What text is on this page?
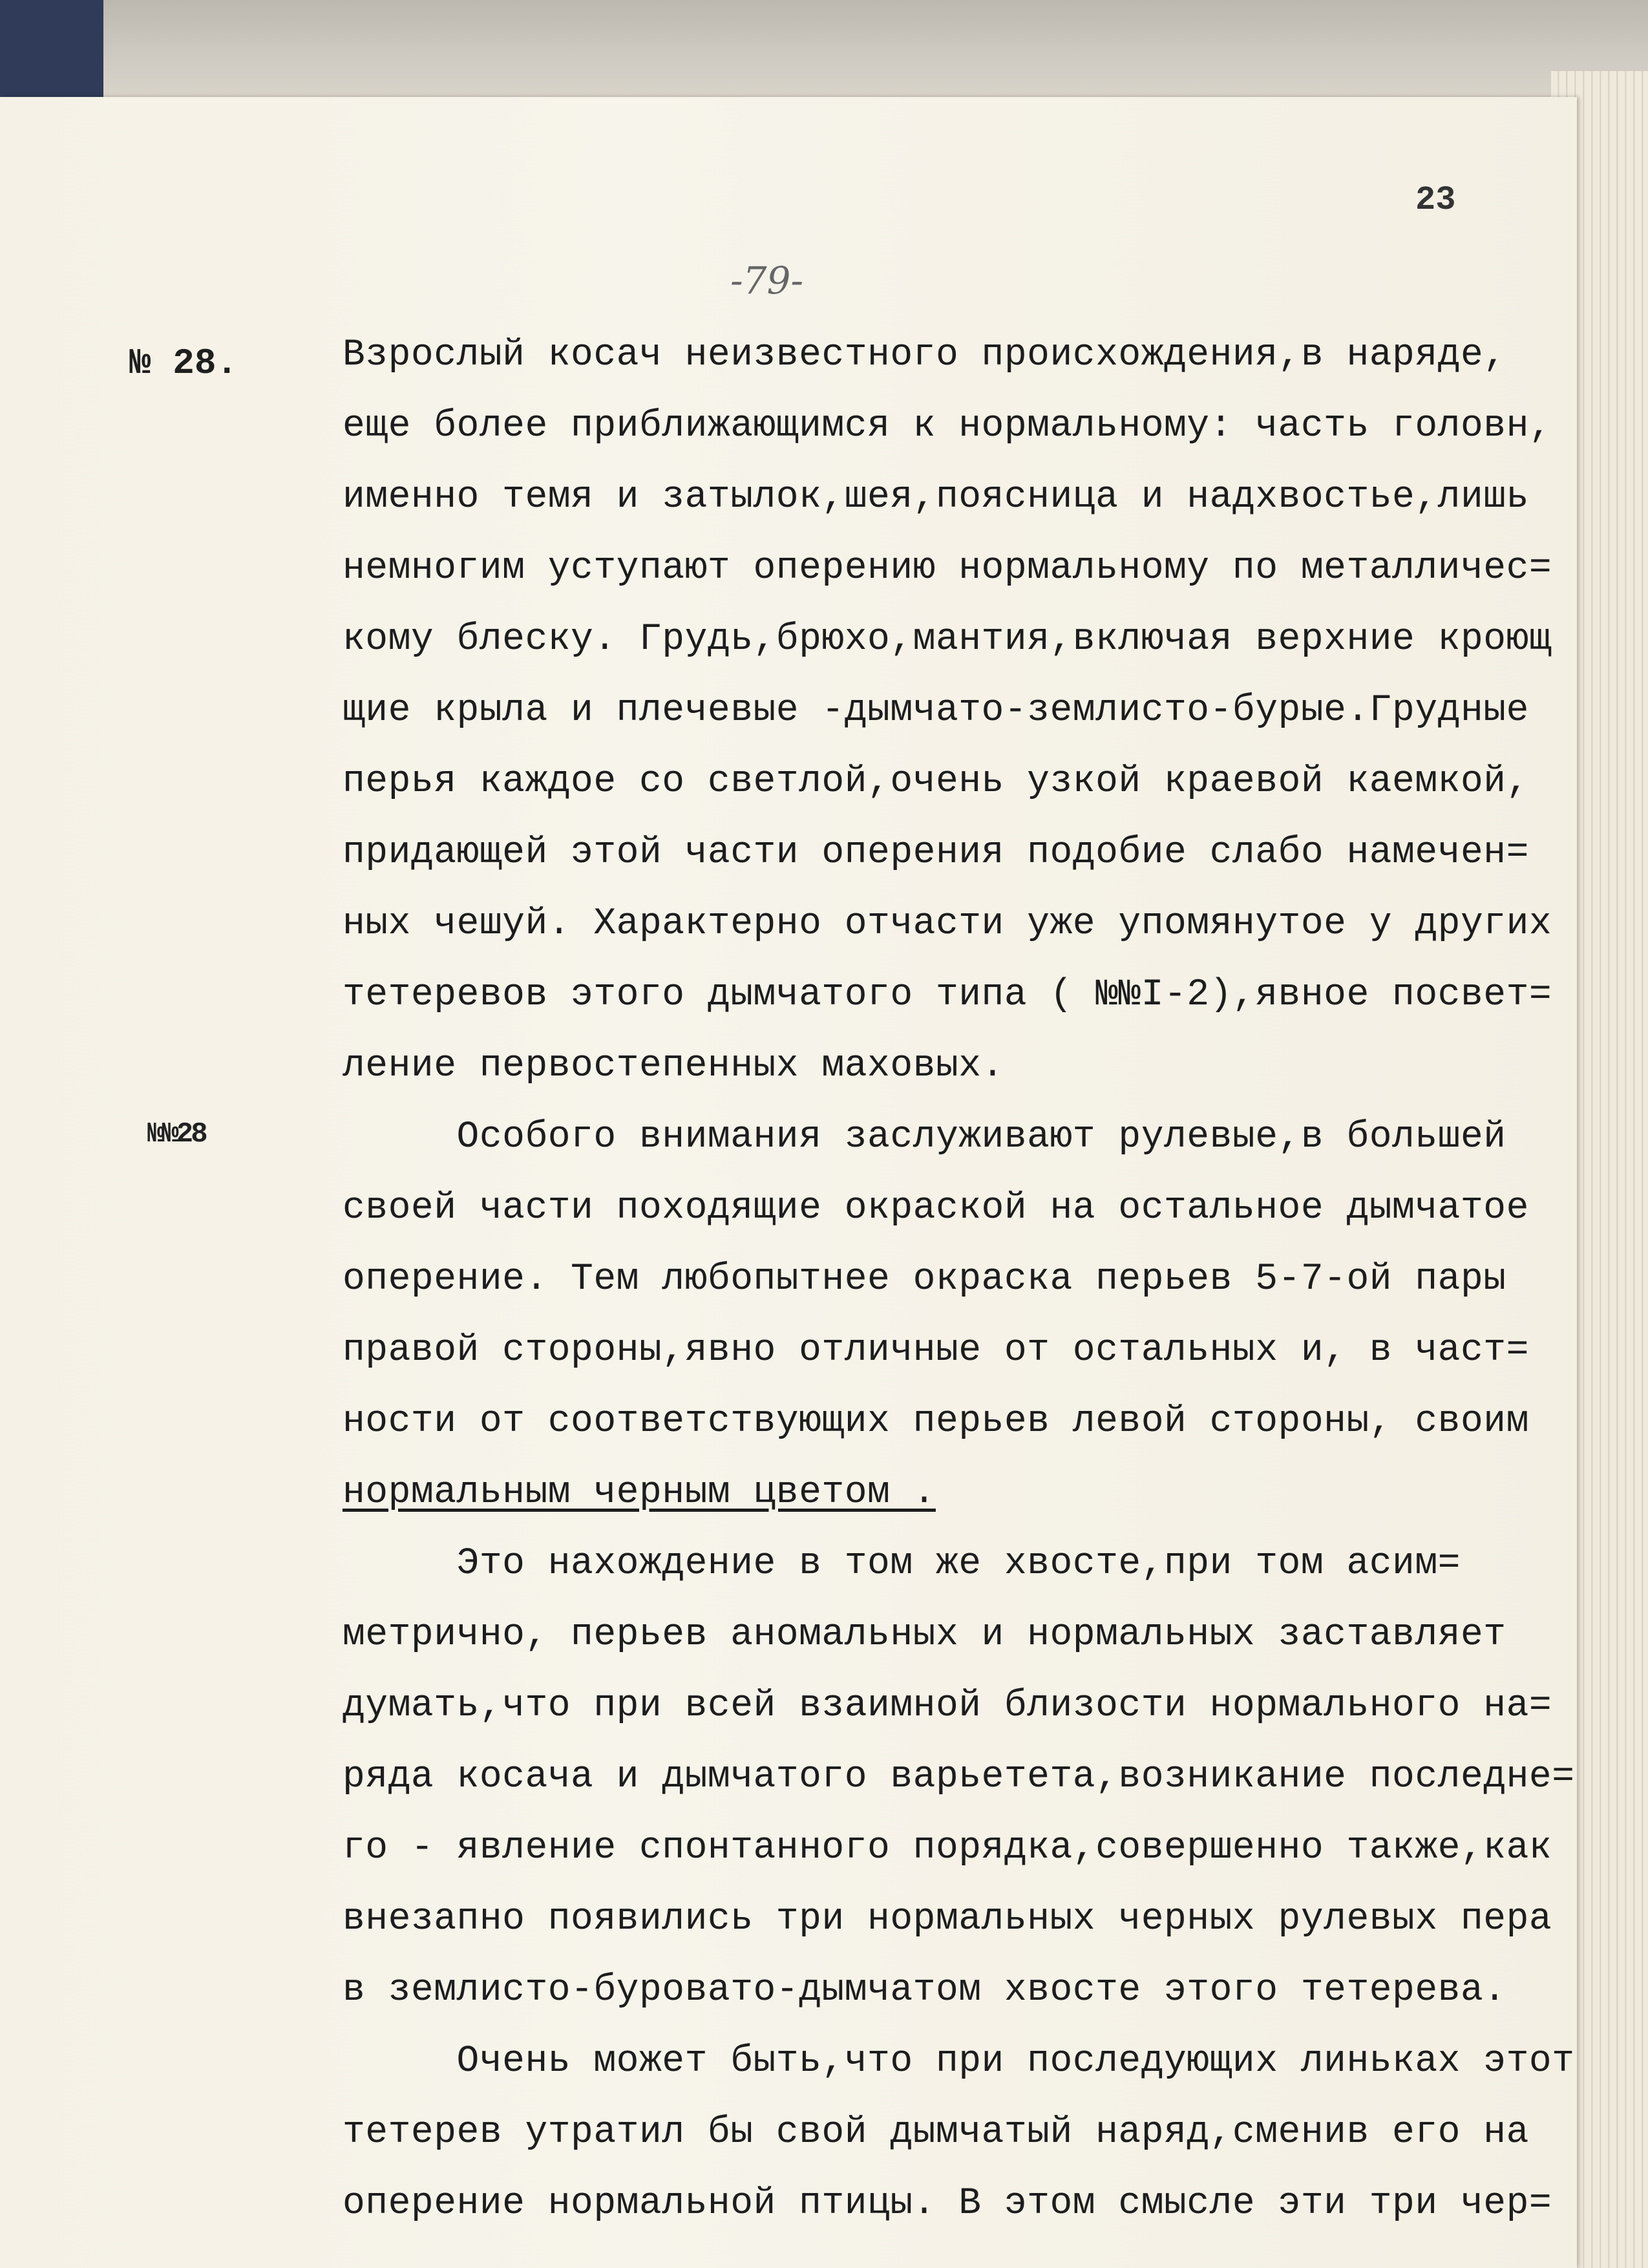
23
-79-
№ 28.
№№28
Взрослый косач неизвестного происхождения,в наряде,
еще более приближающимся к нормальному: часть головн,
именно темя и затылок,шея,поясница и надхвостье,лишь
немногим уступают оперению нормальному по металличес=
кому блеску. Грудь,брюхо,мантия,включая верхние кроющ
щие крыла и плечевые -дымчато-землисто-бурые.Грудные
перья каждое со светлой,очень узкой краевой каемкой,
придающей этой части оперения подобие слабо намечен=
ных чешуй. Характерно отчасти уже упомянутое у других
тетеревов этого дымчатого типа ( №№I-2),явное посвет=
ление первостепенных маховых.
Особого внимания заслуживают рулевые,в большей
своей части походящие окраской на остальное дымчатое
оперение. Тем любопытнее окраска перьев 5-7-ой пары
правой стороны,явно отличные от остальных и, в част=
ности от соответствующих перьев левой стороны, своим
нормальным черным цветом .
Это нахождение в том же хвосте,при том асим=
метрично, перьев аномальных и нормальных заставляет
думать,что при всей взаимной близости нормального на=
ряда косача и дымчатого варьетета,возникание последне=
го - явление спонтанного порядка,совершенно также,как
внезапно появились три нормальных черных рулевых пера
в землисто-буровато-дымчатом хвосте этого тетерева.
Очень может быть,что при последующих линьках этот
тетерев утратил бы свой дымчатый наряд,сменив его на
оперение нормальной птицы. В этом смысле эти три чер=
